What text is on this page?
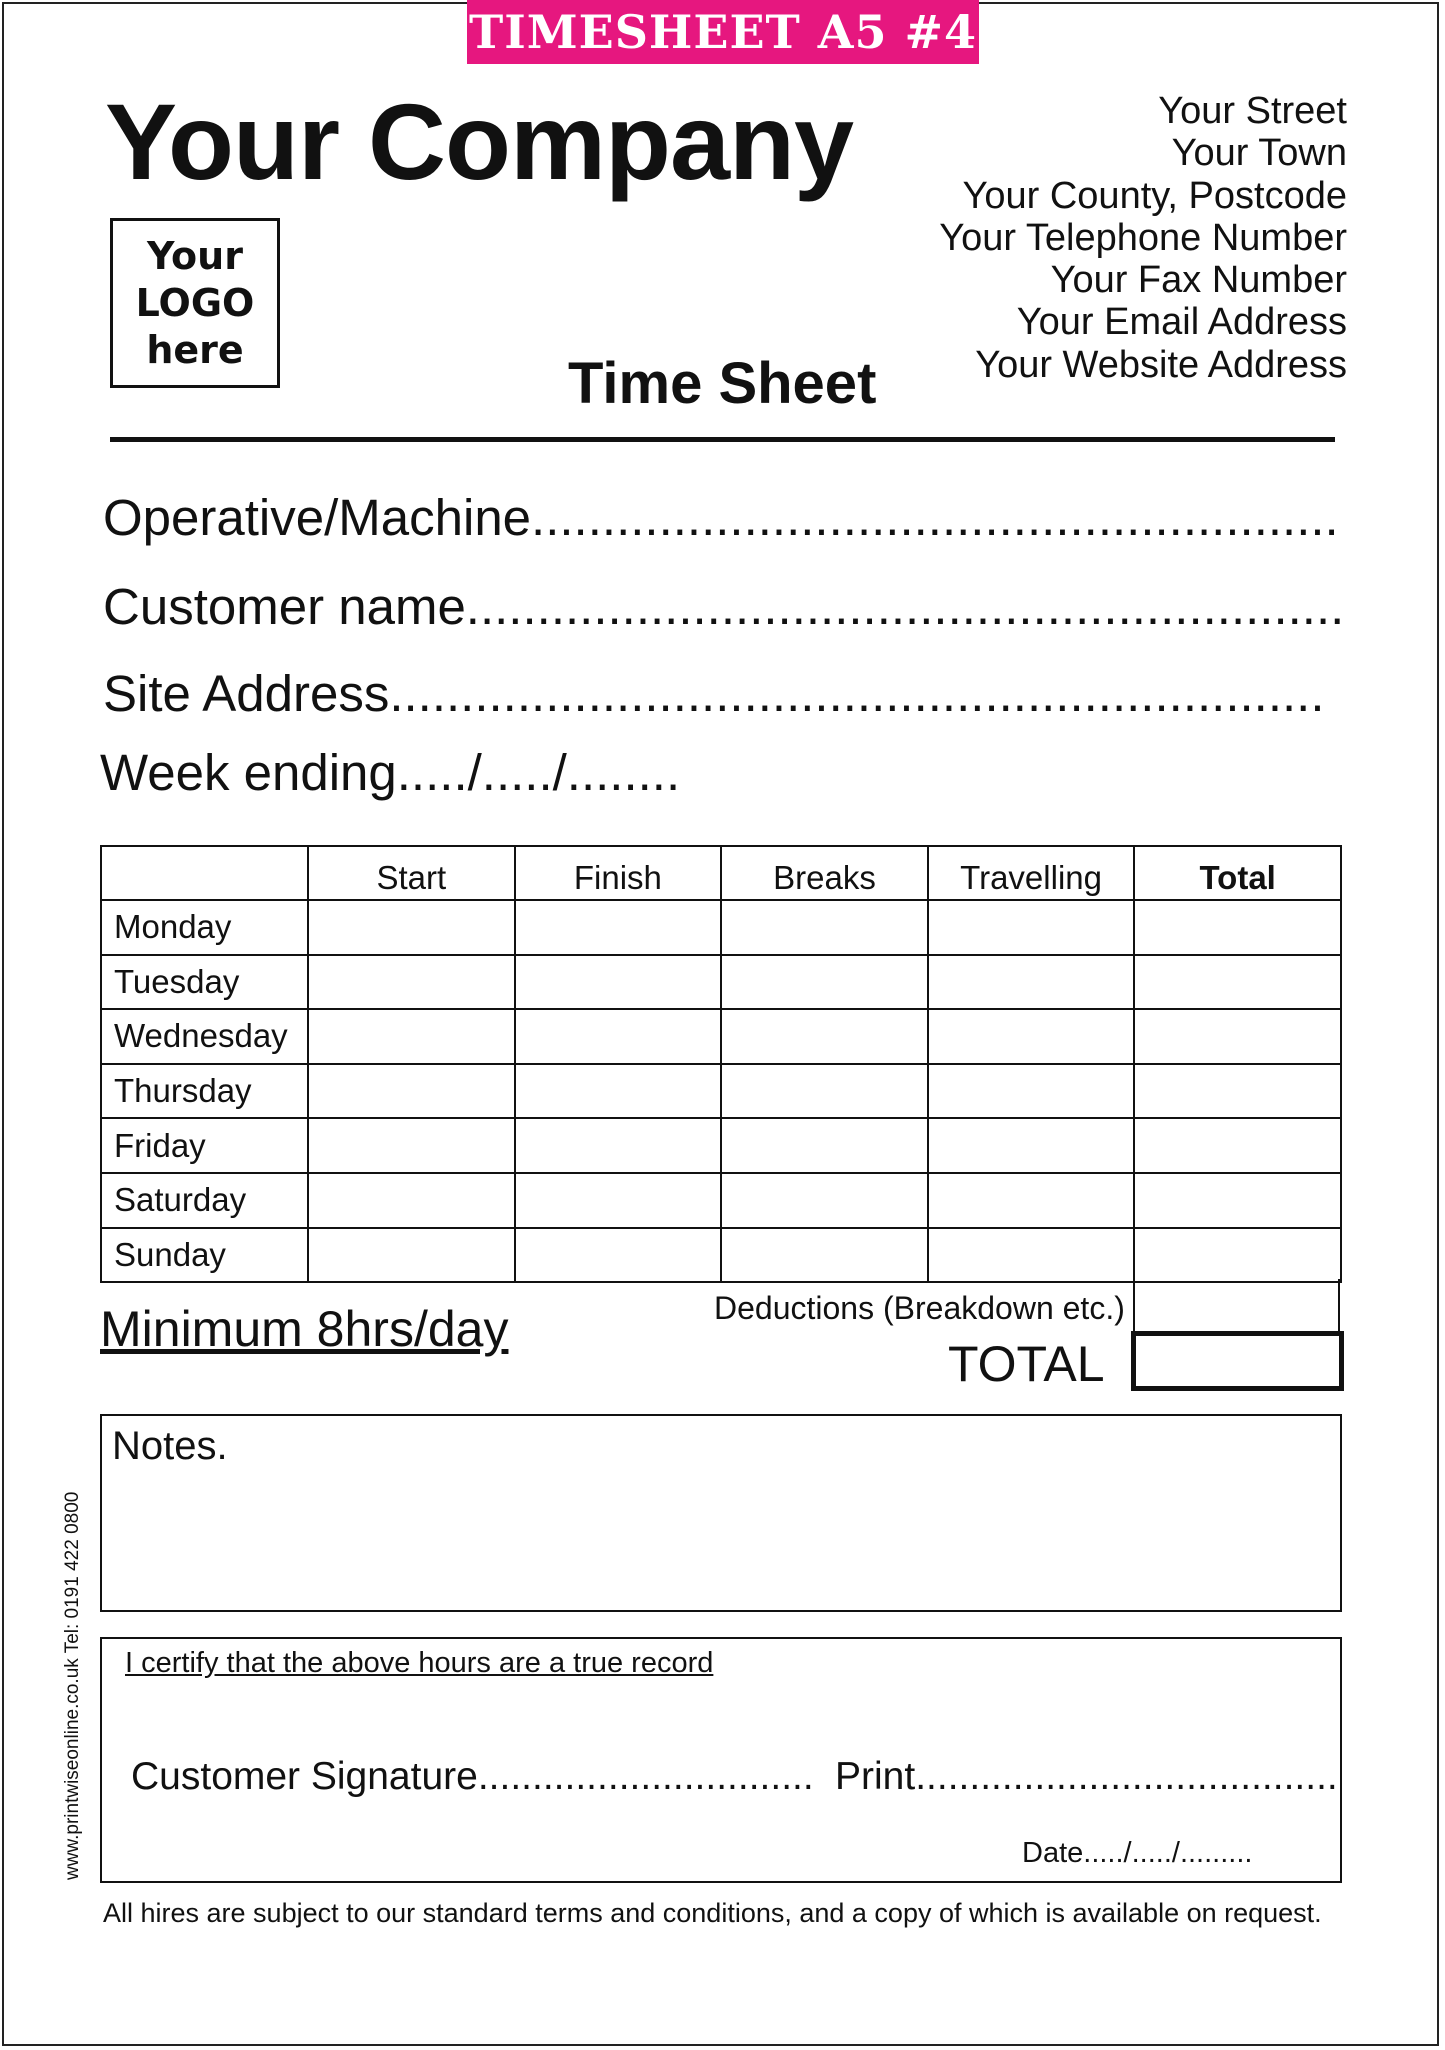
TIMESHEET A5 #4
Your Company
Your
LOGO
here
Your Street
Your Town
Your County, Postcode
Your Telephone Number
Your Fax Number
Your Email Address
Your Website Address
Time Sheet
Operative/Machine.........................................................
Customer name..............................................................
Site Address..................................................................
Week ending...../...../........
	Start	Finish	Breaks	Travelling	Total
Monday					
Tuesday					
Wednesday					
Thursday					
Friday					
Saturday					
Sunday					
Minimum 8hrs/day	Deductions (Breakdown etc.)
TOTAL
Notes.
I certify that the above hours are a true record
Customer Signature............................... Print.......................................
Date...../...../.........
All hires are subject to our standard terms and conditions, and a copy of which is available on request.
www.printwiseonline.co.uk Tel: 0191 422 0800
